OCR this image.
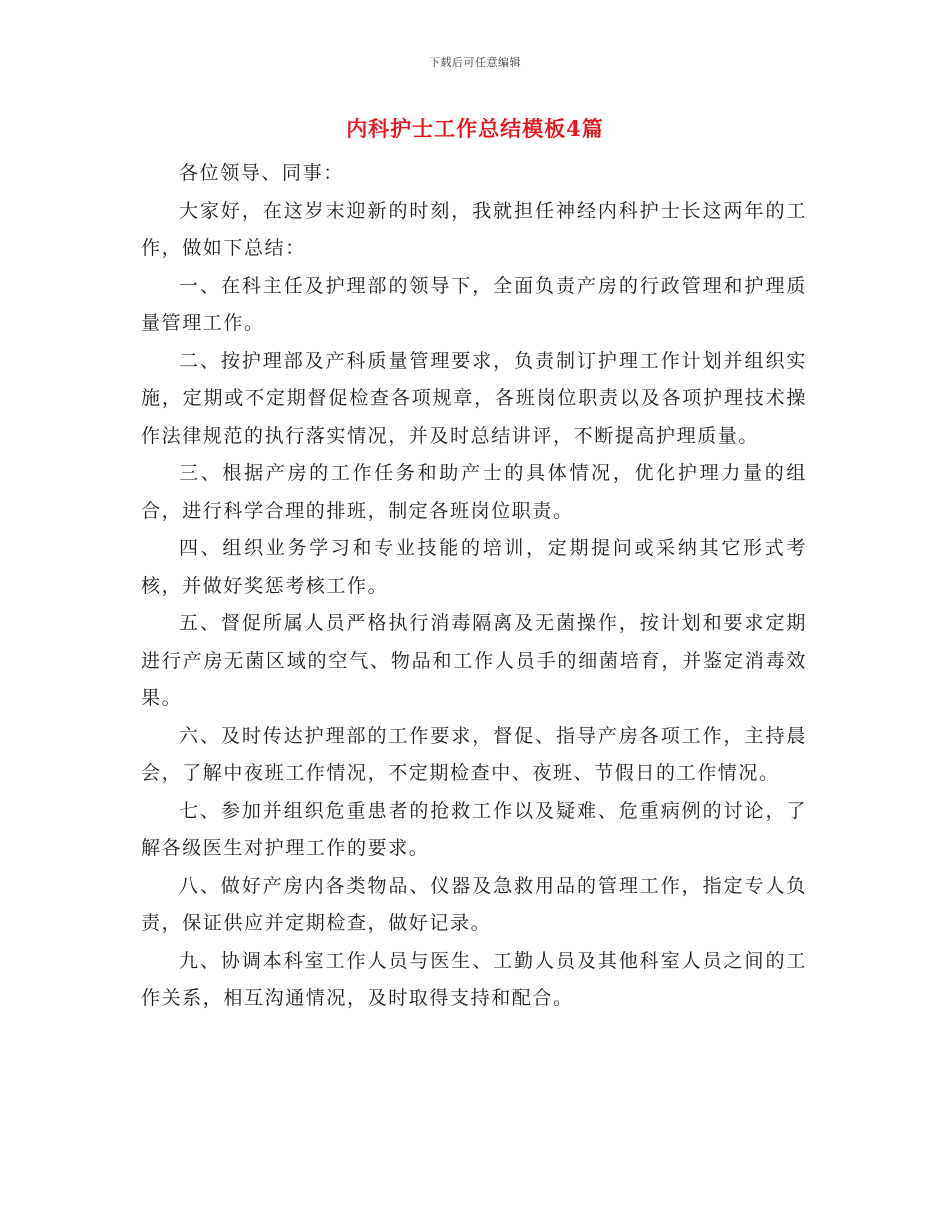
下载后可任意编辑
内科护士工作总结模板4篇

各位领导、同事：

大家好，在这岁末迎新的时刻，我就担任神经内科护士长这两年的工作，做如下总结：

一、在科主任及护理部的领导下，全面负责产房的行政管理和护理质量管理工作。

二、按护理部及产科质量管理要求，负责制订护理工作计划并组织实施，定期或不定期督促检查各项规章，各班岗位职责以及各项护理技术操作法律规范的执行落实情况，并及时总结讲评，不断提高护理质量。

三、根据产房的工作任务和助产士的具体情况，优化护理力量的组合，进行科学合理的排班，制定各班岗位职责。

四、组织业务学习和专业技能的培训，定期提问或采纳其它形式考核，并做好奖惩考核工作。

五、督促所属人员严格执行消毒隔离及无菌操作，按计划和要求定期进行产房无菌区域的空气、物品和工作人员手的细菌培育，并鉴定消毒效果。

六、及时传达护理部的工作要求，督促、指导产房各项工作，主持晨会，了解中夜班工作情况，不定期检查中、夜班、节假日的工作情况。

七、参加并组织危重患者的抢救工作以及疑难、危重病例的讨论，了解各级医生对护理工作的要求。

八、做好产房内各类物品、仪器及急救用品的管理工作，指定专人负责，保证供应并定期检查，做好记录。

九、协调本科室工作人员与医生、工勤人员及其他科室人员之间的工作关系，相互沟通情况，及时取得支持和配合。
